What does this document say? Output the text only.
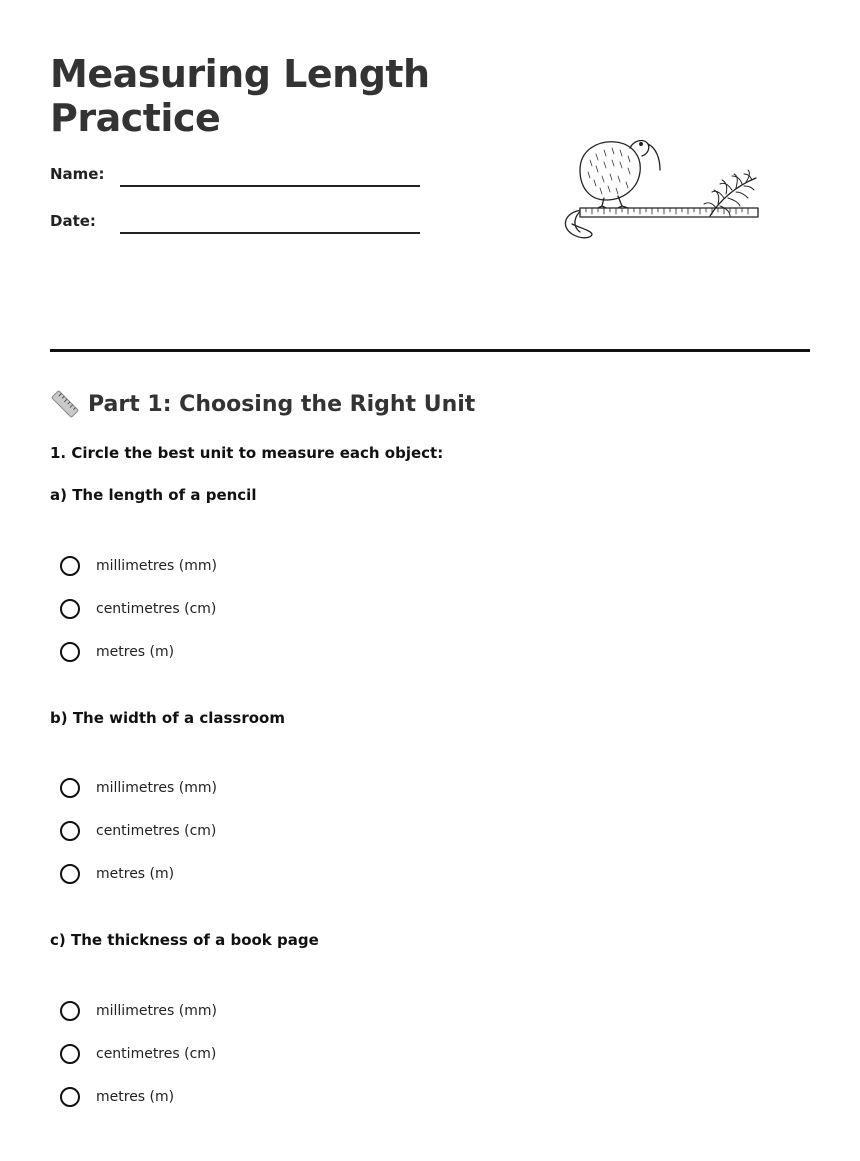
Measuring Length
Practice
Name:
Date:
Part 1: Choosing the Right Unit
1. Circle the best unit to measure each object:
a) The length of a pencil
millimetres (mm)
centimetres (cm)
metres (m)
b) The width of a classroom
millimetres (mm)
centimetres (cm)
metres (m)
c) The thickness of a book page
millimetres (mm)
centimetres (cm)
metres (m)
